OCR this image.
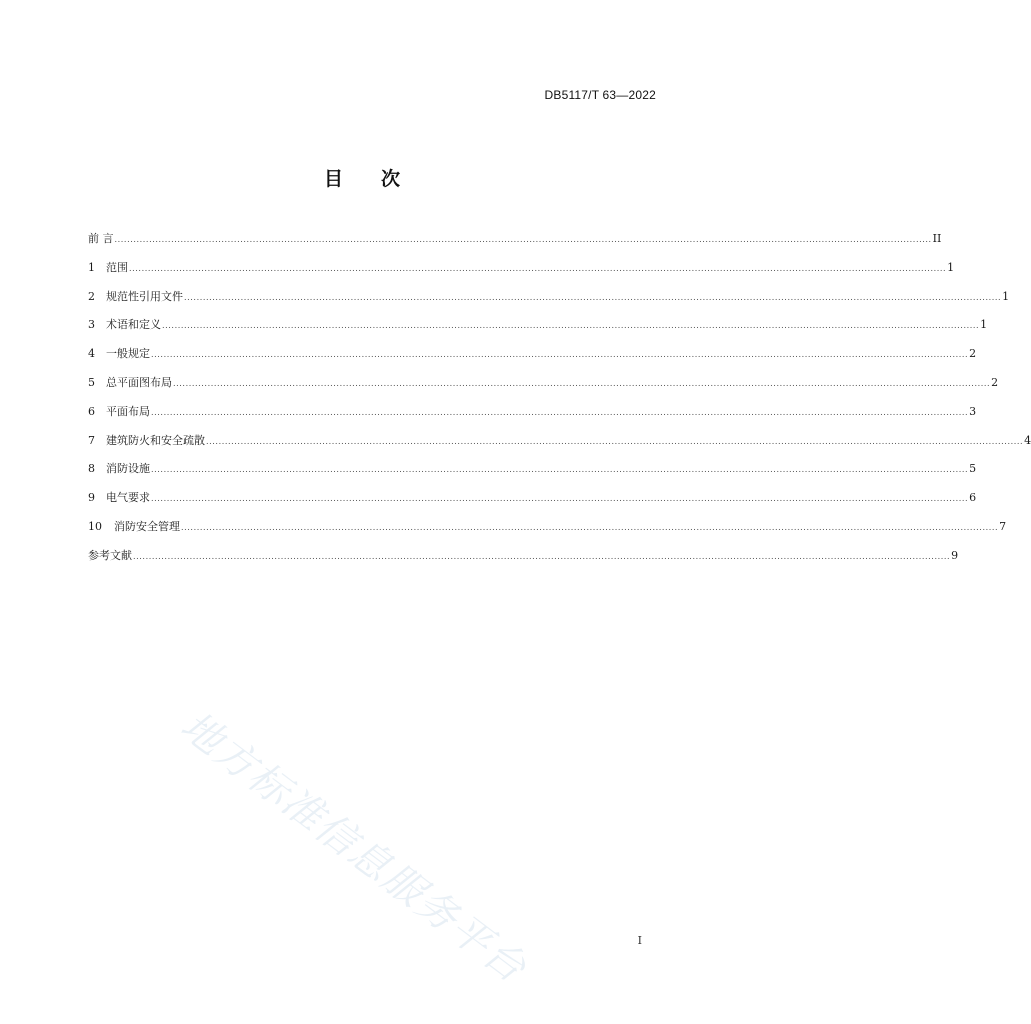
DB5117/T 63—2022
目 次
前 言 .................................................................................................................................................................................................................................................................... II
1 范围 .................................................................................................................................................................................................................................................................... 1
2 规范性引用文件 .................................................................................................................................................................................................................................................................... 1
3 术语和定义 .................................................................................................................................................................................................................................................................... 1
4 一般规定 .................................................................................................................................................................................................................................................................... 2
5 总平面图布局 .................................................................................................................................................................................................................................................................... 2
6 平面布局 .................................................................................................................................................................................................................................................................... 3
7 建筑防火和安全疏散 .................................................................................................................................................................................................................................................................... 4
8 消防设施 .................................................................................................................................................................................................................................................................... 5
9 电气要求 .................................................................................................................................................................................................................................................................... 6
10 消防安全管理 .................................................................................................................................................................................................................................................................... 7
参考文献 .................................................................................................................................................................................................................................................................... 9
地方标准信息服务平台	I
